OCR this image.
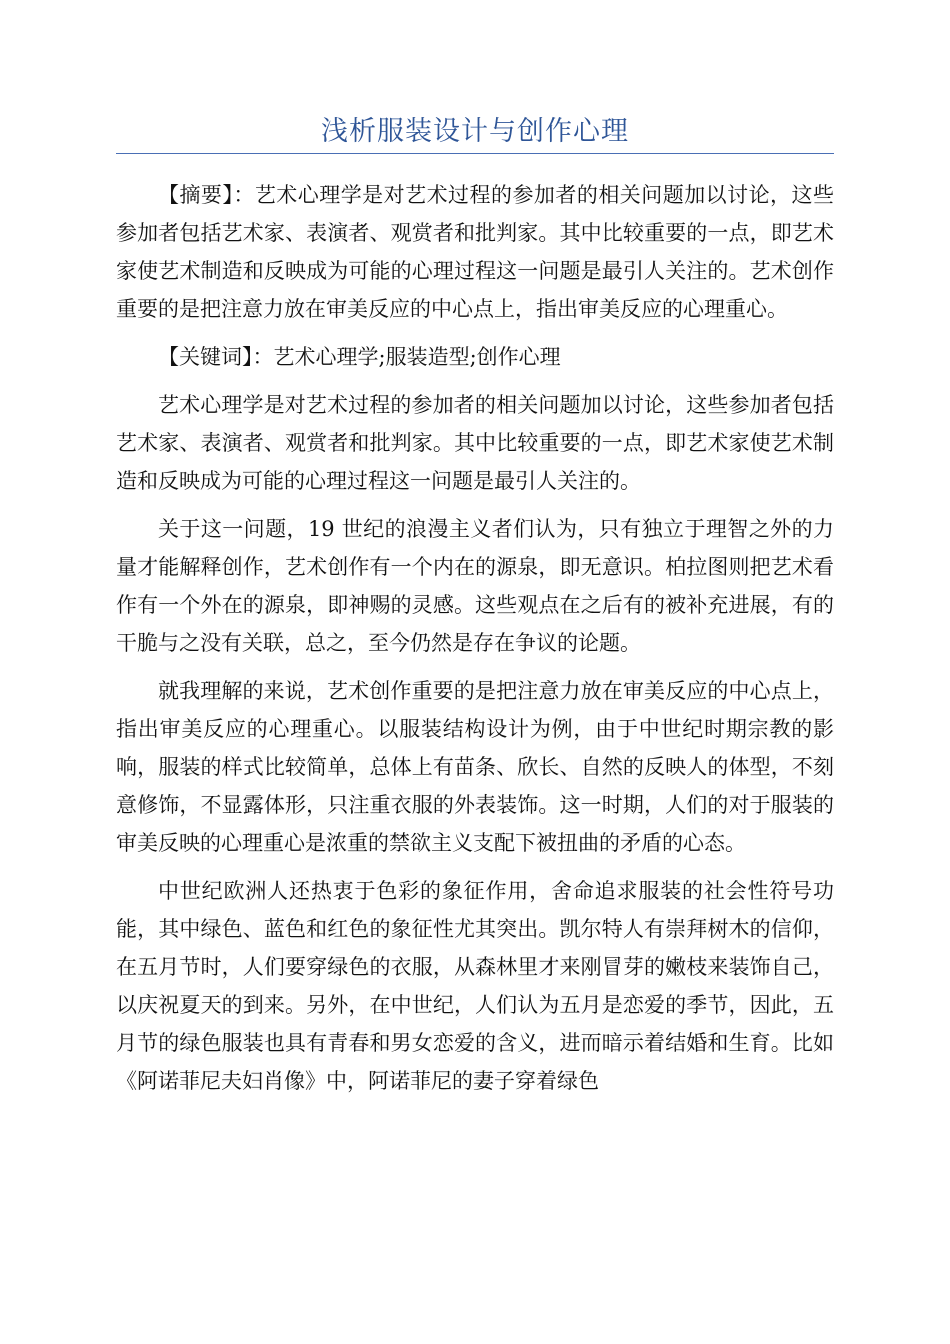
浅析服装设计与创作心理

【摘要】：艺术心理学是对艺术过程的参加者的相关问题加以讨论，这些参加者包括艺术家、表演者、观赏者和批判家。其中比较重要的一点，即艺术家使艺术制造和反映成为可能的心理过程这一问题是最引人关注的。艺术创作重要的是把注意力放在审美反应的中心点上，指出审美反应的心理重心。

【关键词】：艺术心理学;服装造型;创作心理

艺术心理学是对艺术过程的参加者的相关问题加以讨论，这些参加者包括艺术家、表演者、观赏者和批判家。其中比较重要的一点，即艺术家使艺术制造和反映成为可能的心理过程这一问题是最引人关注的。

关于这一问题，19 世纪的浪漫主义者们认为，只有独立于理智之外的力量才能解释创作，艺术创作有一个内在的源泉，即无意识。柏拉图则把艺术看作有一个外在的源泉，即神赐的灵感。这些观点在之后有的被补充进展，有的干脆与之没有关联，总之，至今仍然是存在争议的论题。

就我理解的来说，艺术创作重要的是把注意力放在审美反应的中心点上，指出审美反应的心理重心。以服装结构设计为例，由于中世纪时期宗教的影响，服装的样式比较简单，总体上有苗条、欣长、自然的反映人的体型，不刻意修饰，不显露体形，只注重衣服的外表装饰。这一时期，人们的对于服装的审美反映的心理重心是浓重的禁欲主义支配下被扭曲的矛盾的心态。

中世纪欧洲人还热衷于色彩的象征作用，舍命追求服装的社会性符号功能，其中绿色、蓝色和红色的象征性尤其突出。凯尔特人有崇拜树木的信仰，在五月节时，人们要穿绿色的衣服，从森林里才来刚冒芽的嫩枝来装饰自己，以庆祝夏天的到来。另外，在中世纪，人们认为五月是恋爱的季节，因此，五月节的绿色服装也具有青春和男女恋爱的含义，进而暗示着结婚和生育。比如《阿诺菲尼夫妇肖像》中，阿诺菲尼的妻子穿着绿色
